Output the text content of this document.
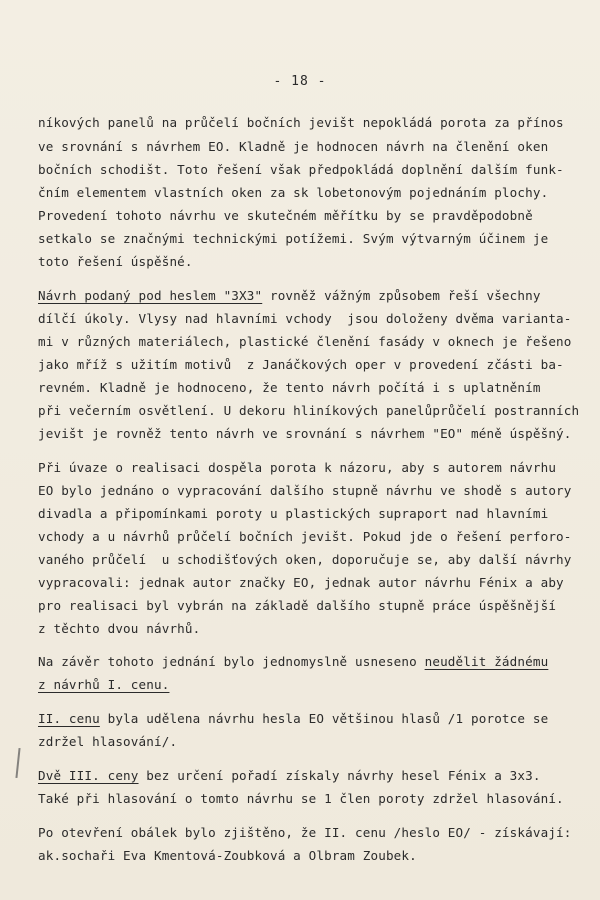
- 18 -
níkových panelů na průčelí bočních jevišt nepokládá porota za přínos
ve srovnání s návrhem EO. Kladně je hodnocen návrh na členění oken
bočních schodišt. Toto řešení však předpokládá doplnění dalším funk-
čním elementem vlastních oken za sk lobetonovým pojednáním plochy.
Provedení tohoto návrhu ve skutečném měřítku by se pravděpodobně
setkalo se značnými technickými potížemi. Svým výtvarným účinem je
toto řešení úspěšné.
Návrh podaný pod heslem "3X3" rovněž vážným způsobem řeší všechny
dílčí úkoly. Vlysy nad hlavními vchody  jsou doloženy dvěma varianta-
mi v různých materiálech, plastické členění fasády v oknech je řešeno
jako mříž s užitím motivů  z Janáčkových oper v provedení zčásti ba-
revném. Kladně je hodnoceno, že tento návrh počítá i s uplatněním
při večerním osvětlení. U dekoru hliníkových panelůprůčelí postranních
jevišt je rovněž tento návrh ve srovnání s návrhem "EO" méně úspěšný.
Při úvaze o realisaci dospěla porota k názoru, aby s autorem návrhu
EO bylo jednáno o vypracování dalšího stupně návrhu ve shodě s autory
divadla a připomínkami poroty u plastických supraport nad hlavními
vchody a u návrhů průčelí bočních jevišt. Pokud jde o řešení perforo-
vaného průčelí  u schodišťových oken, doporučuje se, aby další návrhy
vypracovali: jednak autor značky EO, jednak autor návrhu Fénix a aby
pro realisaci byl vybrán na základě dalšího stupně práce úspěšnější
z těchto dvou návrhů.
Na závěr tohoto jednání bylo jednomyslně usneseno neudělit žádnému
z návrhů I. cenu.
II. cenu byla udělena návrhu hesla EO většinou hlasů /1 porotce se
zdržel hlasování/.
Dvě III. ceny bez určení pořadí získaly návrhy hesel Fénix a 3x3.
Také při hlasování o tomto návrhu se 1 člen poroty zdržel hlasování.
Po otevření obálek bylo zjištěno, že II. cenu /heslo EO/ - získávají:
ak.sochaři Eva Kmentová-Zoubková a Olbram Zoubek.
